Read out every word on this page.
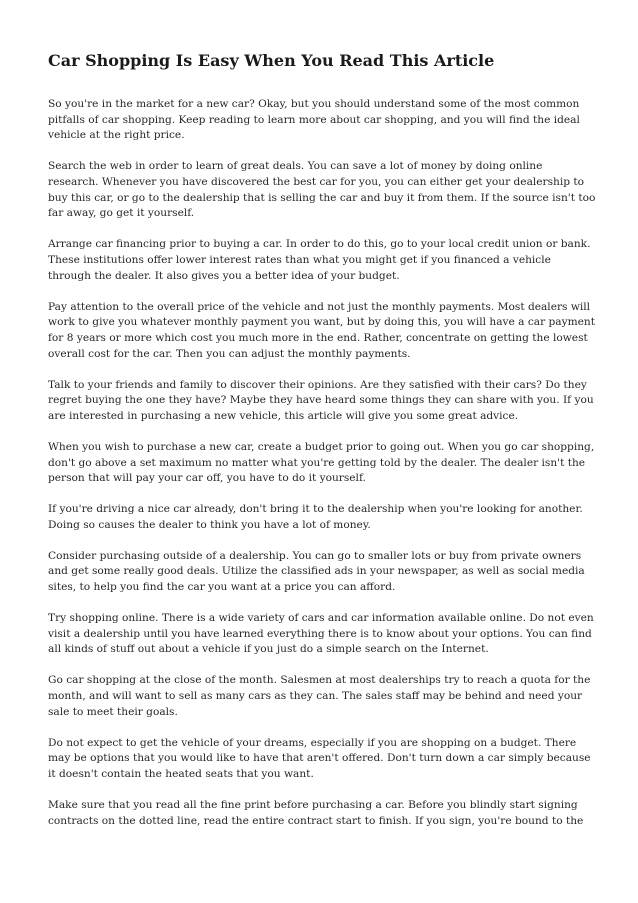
Car Shopping Is Easy When You Read This Article

So you're in the market for a new car? Okay, but you should understand some of the most common pitfalls of car shopping. Keep reading to learn more about car shopping, and you will find the ideal vehicle at the right price.

Search the web in order to learn of great deals. You can save a lot of money by doing online research. Whenever you have discovered the best car for you, you can either get your dealership to buy this car, or go to the dealership that is selling the car and buy it from them. If the source isn't too far away, go get it yourself.

Arrange car financing prior to buying a car. In order to do this, go to your local credit union or bank. These institutions offer lower interest rates than what you might get if you financed a vehicle through the dealer. It also gives you a better idea of your budget.

Pay attention to the overall price of the vehicle and not just the monthly payments. Most dealers will work to give you whatever monthly payment you want, but by doing this, you will have a car payment for 8 years or more which cost you much more in the end. Rather, concentrate on getting the lowest overall cost for the car. Then you can adjust the monthly payments.

Talk to your friends and family to discover their opinions. Are they satisfied with their cars? Do they regret buying the one they have? Maybe they have heard some things they can share with you. If you are interested in purchasing a new vehicle, this article will give you some great advice.

When you wish to purchase a new car, create a budget prior to going out. When you go car shopping, don't go above a set maximum no matter what you're getting told by the dealer. The dealer isn't the person that will pay your car off, you have to do it yourself.

If you're driving a nice car already, don't bring it to the dealership when you're looking for another. Doing so causes the dealer to think you have a lot of money.

Consider purchasing outside of a dealership. You can go to smaller lots or buy from private owners and get some really good deals. Utilize the classified ads in your newspaper, as well as social media sites, to help you find the car you want at a price you can afford.

Try shopping online. There is a wide variety of cars and car information available online. Do not even visit a dealership until you have learned everything there is to know about your options. You can find all kinds of stuff out about a vehicle if you just do a simple search on the Internet.

Go car shopping at the close of the month. Salesmen at most dealerships try to reach a quota for the month, and will want to sell as many cars as they can. The sales staff may be behind and need your sale to meet their goals.

Do not expect to get the vehicle of your dreams, especially if you are shopping on a budget. There may be options that you would like to have that aren't offered. Don't turn down a car simply because it doesn't contain the heated seats that you want.

Make sure that you read all the fine print before purchasing a car. Before you blindly start signing contracts on the dotted line, read the entire contract start to finish. If you sign, you're bound to the
